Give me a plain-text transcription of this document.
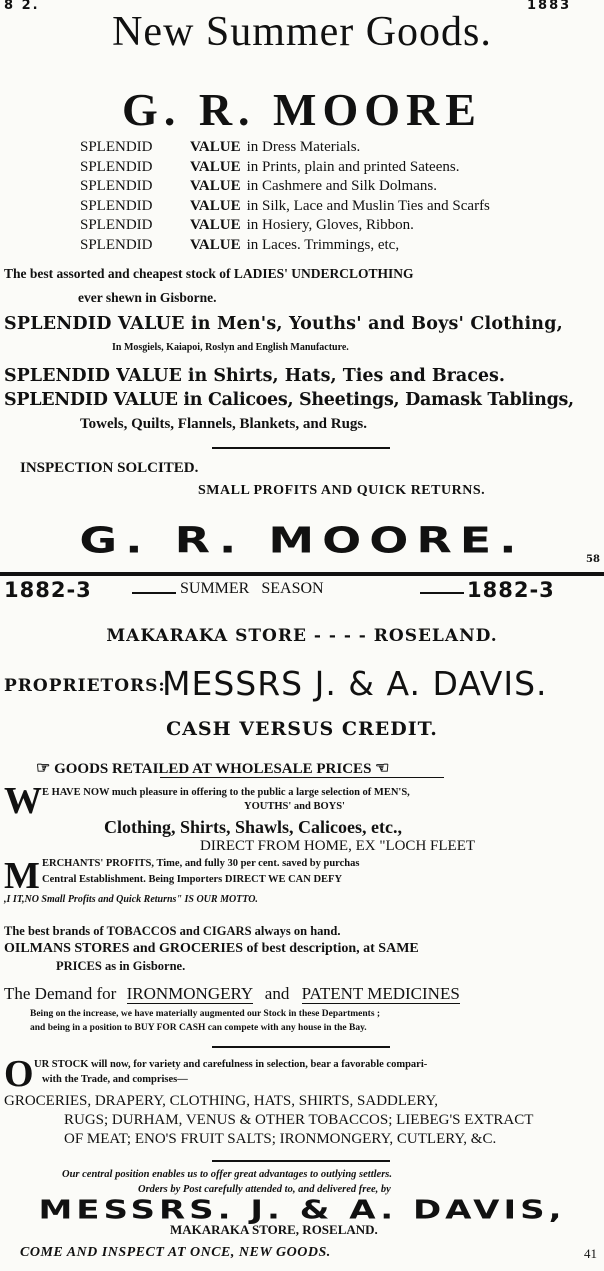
8 2.	1883
New Summer Goods.
G. R. MOORE
SPLENDID VALUE in Dress Materials.
SPLENDID VALUE in Prints, plain and printed Sateens.
SPLENDID VALUE in Cashmere and Silk Dolmans.
SPLENDID VALUE in Silk, Lace and Muslin Ties and Scarfs
SPLENDID VALUE in Hosiery, Gloves, Ribbon.
SPLENDID VALUE in Laces. Trimmings, etc,
The best assorted and cheapest stock of LADIES' UNDERCLOTHING
ever shewn in Gisborne.
SPLENDID VALUE in Men's, Youths' and Boys' Clothing,
In Mosgiels, Kaiapoi, Roslyn and English Manufacture.
SPLENDID VALUE in Shirts, Hats, Ties and Braces.
SPLENDID VALUE in Calicoes, Sheetings, Damask Tablings,
Towels, Quilts, Flannels, Blankets, and Rugs.
INSPECTION SOLCITED.
SMALL PROFITS AND QUICK RETURNS.
G. R. MOORE.	58
1882-3	SUMMER   SEASON	1882-3
MAKARAKA STORE - - - - ROSELAND.
PROPRIETORS:
MESSRS J. & A. DAVIS.
CASH VERSUS CREDIT.
☞ GOODS RETAILED AT WHOLESALE PRICES ☞
W E HAVE NOW much pleasure in offering to the public a large selection of MEN'S,
YOUTHS' and BOYS'
Clothing, Shirts, Shawls, Calicoes, etc.,
DIRECT FROM HOME, EX "LOCH FLEET
M ERCHANTS' PROFITS, Time, and fully 30 per cent. saved by purchas
Central Establishment. Being Importers DIRECT WE CAN DEFY
,I IT,NO Small Profits and Quick Returns" IS OUR MOTTO.
The best brands of TOBACCOS and CIGARS always on hand.
OILMANS STORES and GROCERIES of best description, at SAME
PRICES as in Gisborne.
The Demand for IRONMONGERY and PATENT MEDICINES
Being on the increase, we have materially augmented our Stock in these Departments ;
and being in a position to BUY FOR CASH can compete with any house in the Bay.
O UR STOCK will now, for variety and carefulness in selection, bear a favorable compari-
with the Trade, and comprises—
GROCERIES, DRAPERY, CLOTHING, HATS, SHIRTS, SADDLERY,
RUGS; DURHAM, VENUS & OTHER TOBACCOS; LIEBEG'S EXTRACT
OF MEAT; ENO'S FRUIT SALTS; IRONMONGERY, CUTLERY, &C.
Our central position enables us to offer great advantages to outlying settlers.
Orders by Post carefully attended to, and delivered free, by
MESSRS. J. & A. DAVIS,
MAKARAKA STORE, ROSELAND.
COME AND INSPECT AT ONCE, NEW GOODS.	41
